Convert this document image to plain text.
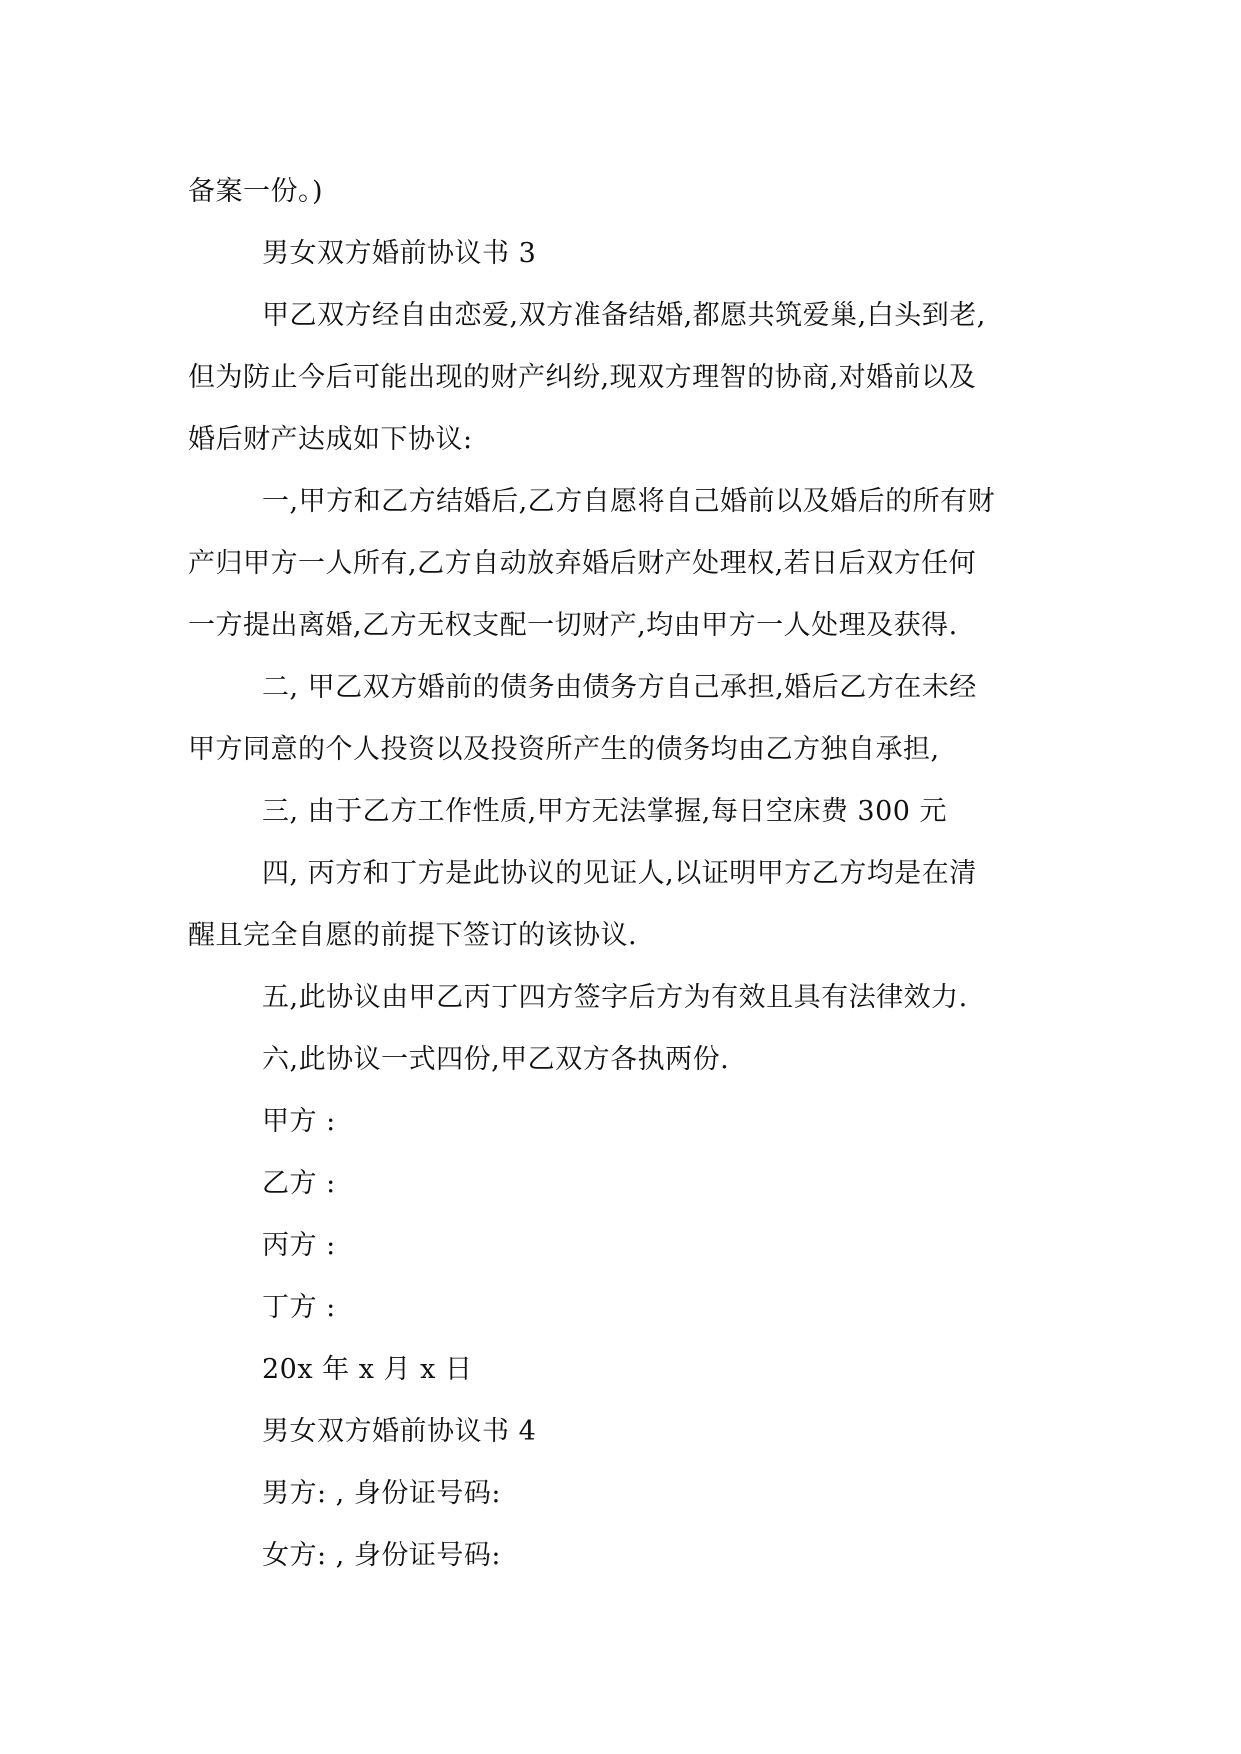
备案一份。)
男女双方婚前协议书 3
甲乙双方经自由恋爱,双方准备结婚,都愿共筑爱巢,白头到老,
但为防止今后可能出现的财产纠纷,现双方理智的协商,对婚前以及
婚后财产达成如下协议:
一,甲方和乙方结婚后,乙方自愿将自己婚前以及婚后的所有财
产归甲方一人所有,乙方自动放弃婚后财产处理权,若日后双方任何
一方提出离婚,乙方无权支配一切财产,均由甲方一人处理及获得.
二, 甲乙双方婚前的债务由债务方自己承担,婚后乙方在未经
甲方同意的个人投资以及投资所产生的债务均由乙方独自承担,
三, 由于乙方工作性质,甲方无法掌握,每日空床费 300 元
四, 丙方和丁方是此协议的见证人,以证明甲方乙方均是在清
醒且完全自愿的前提下签订的该协议.
五,此协议由甲乙丙丁四方签字后方为有效且具有法律效力.
六,此协议一式四份,甲乙双方各执两份.
甲方 :
乙方 :
丙方 :
丁方 :
20x 年 x 月 x 日
男女双方婚前协议书 4
男方: , 身份证号码:
女方: , 身份证号码:
